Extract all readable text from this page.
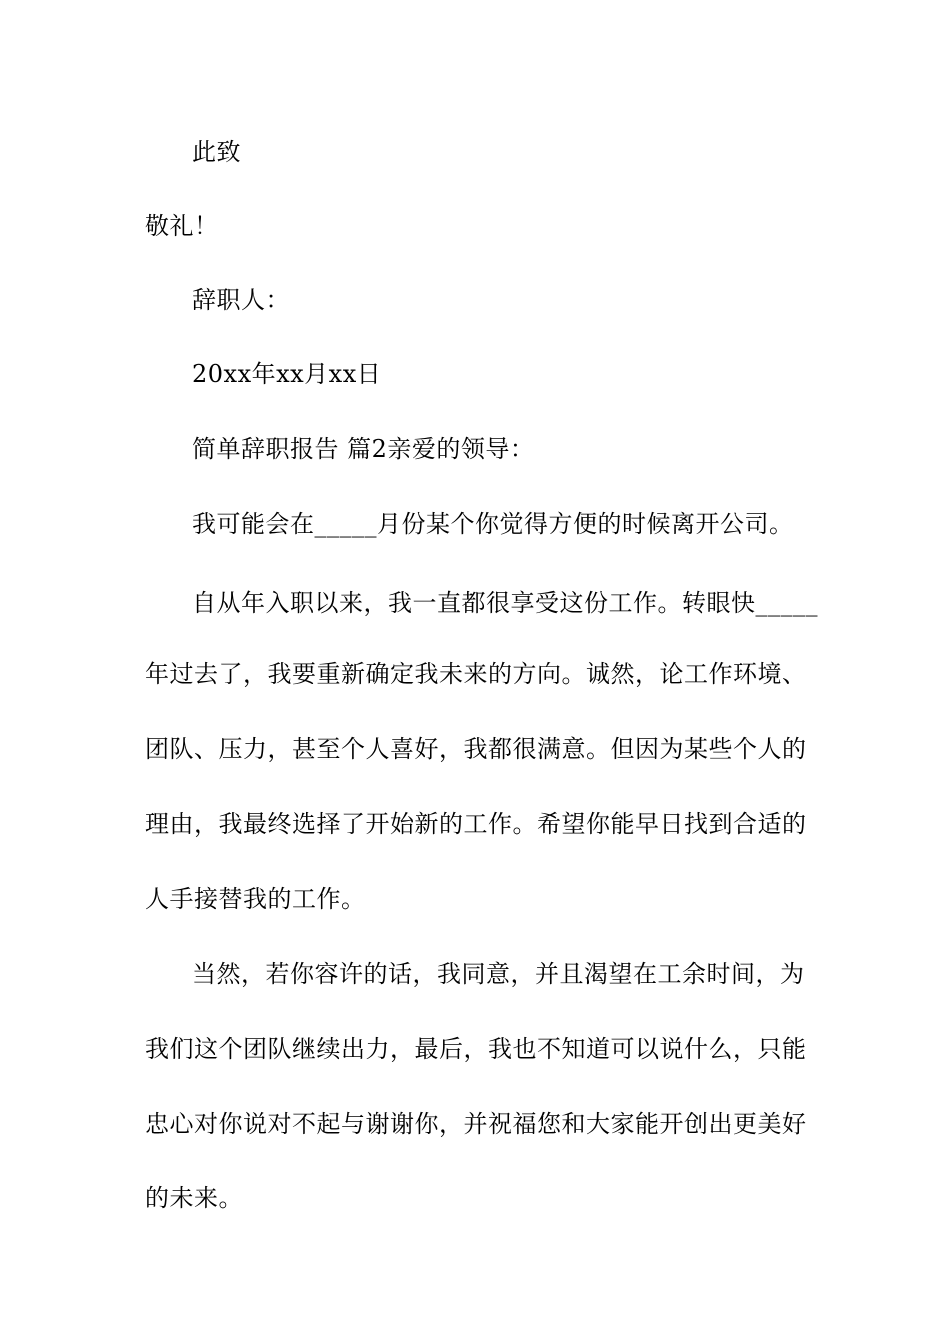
此致
敬礼！
辞职人：
20xx年xx月xx日
简单辞职报告 篇2亲爱的领导：
我可能会在_____月份某个你觉得方便的时候离开公司。
自从年入职以来，我一直都很享受这份工作。转眼快_____
年过去了，我要重新确定我未来的方向。诚然，论工作环境、
团队、压力，甚至个人喜好，我都很满意。但因为某些个人的
理由，我最终选择了开始新的工作。希望你能早日找到合适的
人手接替我的工作。
当然，若你容许的话，我同意，并且渴望在工余时间，为
我们这个团队继续出力，最后，我也不知道可以说什么，只能
忠心对你说对不起与谢谢你，并祝福您和大家能开创出更美好
的未来。
